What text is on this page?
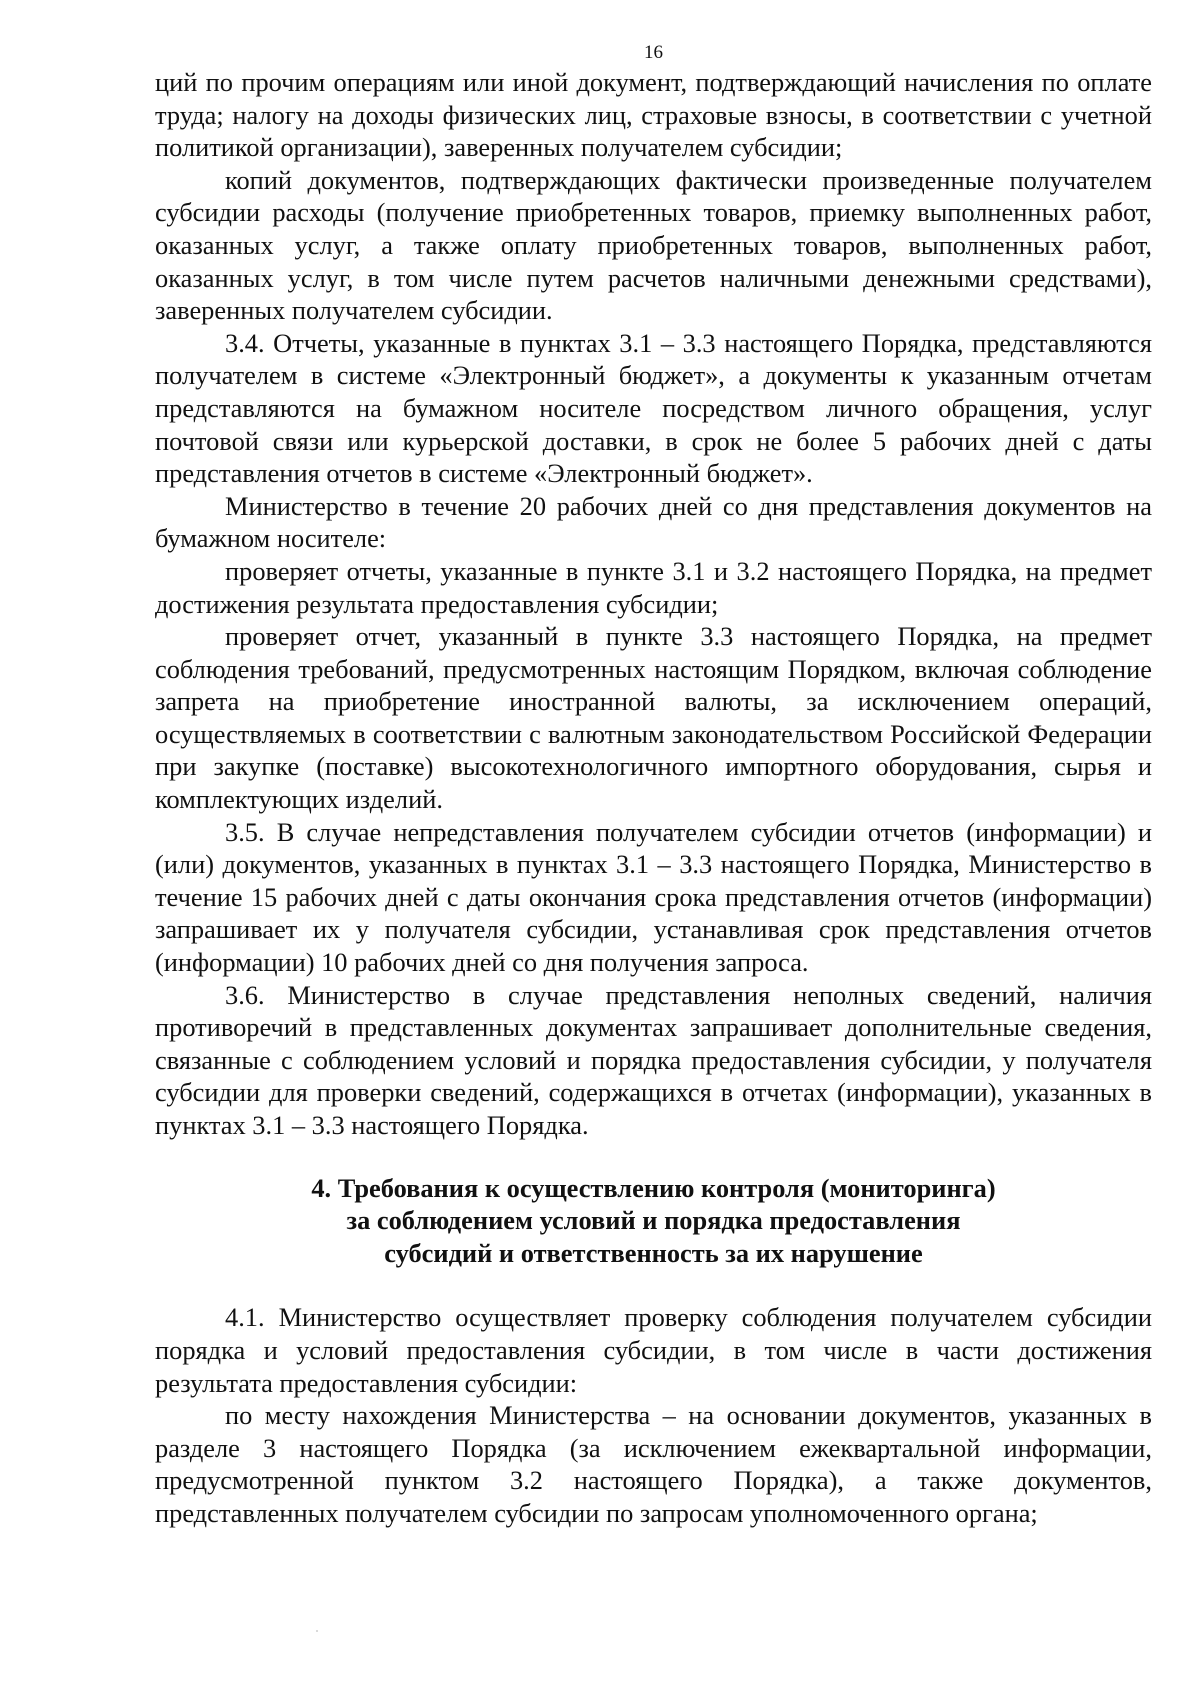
16

ций по прочим операциям или иной документ, подтверждающий начисления по оплате труда; налогу на доходы физических лиц, страховые взносы, в соответствии с учетной политикой организации), заверенных получателем субсидии;

копий документов, подтверждающих фактически произведенные получателем субсидии расходы (получение приобретенных товаров, приемку выполненных работ, оказанных услуг, а также оплату приобретенных товаров, выполненных работ, оказанных услуг, в том числе путем расчетов наличными денежными средствами), заверенных получателем субсидии.

3.4. Отчеты, указанные в пунктах 3.1 – 3.3 настоящего Порядка, представляются получателем в системе «Электронный бюджет», а документы к указанным отчетам представляются на бумажном носителе посредством личного обращения, услуг почтовой связи или курьерской доставки, в срок не более 5 рабочих дней с даты представления отчетов в системе «Электронный бюджет».

Министерство в течение 20 рабочих дней со дня представления документов на бумажном носителе:

проверяет отчеты, указанные в пункте 3.1 и 3.2 настоящего Порядка, на предмет достижения результата предоставления субсидии;

проверяет отчет, указанный в пункте 3.3 настоящего Порядка, на предмет соблюдения требований, предусмотренных настоящим Порядком, включая соблюдение запрета на приобретение иностранной валюты, за исключением операций, осуществляемых в соответствии с валютным законодательством Российской Федерации при закупке (поставке) высокотехнологичного импортного оборудования, сырья и комплектующих изделий.

3.5. В случае непредставления получателем субсидии отчетов (информации) и (или) документов, указанных в пунктах 3.1 – 3.3 настоящего Порядка, Министерство в течение 15 рабочих дней с даты окончания срока представления отчетов (информации) запрашивает их у получателя субсидии, устанавливая срок представления отчетов (информации) 10 рабочих дней со дня получения запроса.

3.6. Министерство в случае представления неполных сведений, наличия противоречий в представленных документах запрашивает дополнительные сведения, связанные с соблюдением условий и порядка предоставления субсидии, у получателя субсидии для проверки сведений, содержащихся в отчетах (информации), указанных в пунктах 3.1 – 3.3 настоящего Порядка.

4. Требования к осуществлению контроля (мониторинга)
за соблюдением условий и порядка предоставления
субсидий и ответственность за их нарушение

4.1. Министерство осуществляет проверку соблюдения получателем субсидии порядка и условий предоставления субсидии, в том числе в части достижения результата предоставления субсидии:

по месту нахождения Министерства – на основании документов, указанных в разделе 3 настоящего Порядка (за исключением ежеквартальной информации, предусмотренной пунктом 3.2 настоящего Порядка), а также документов, представленных получателем субсидии по запросам уполномоченного органа;
